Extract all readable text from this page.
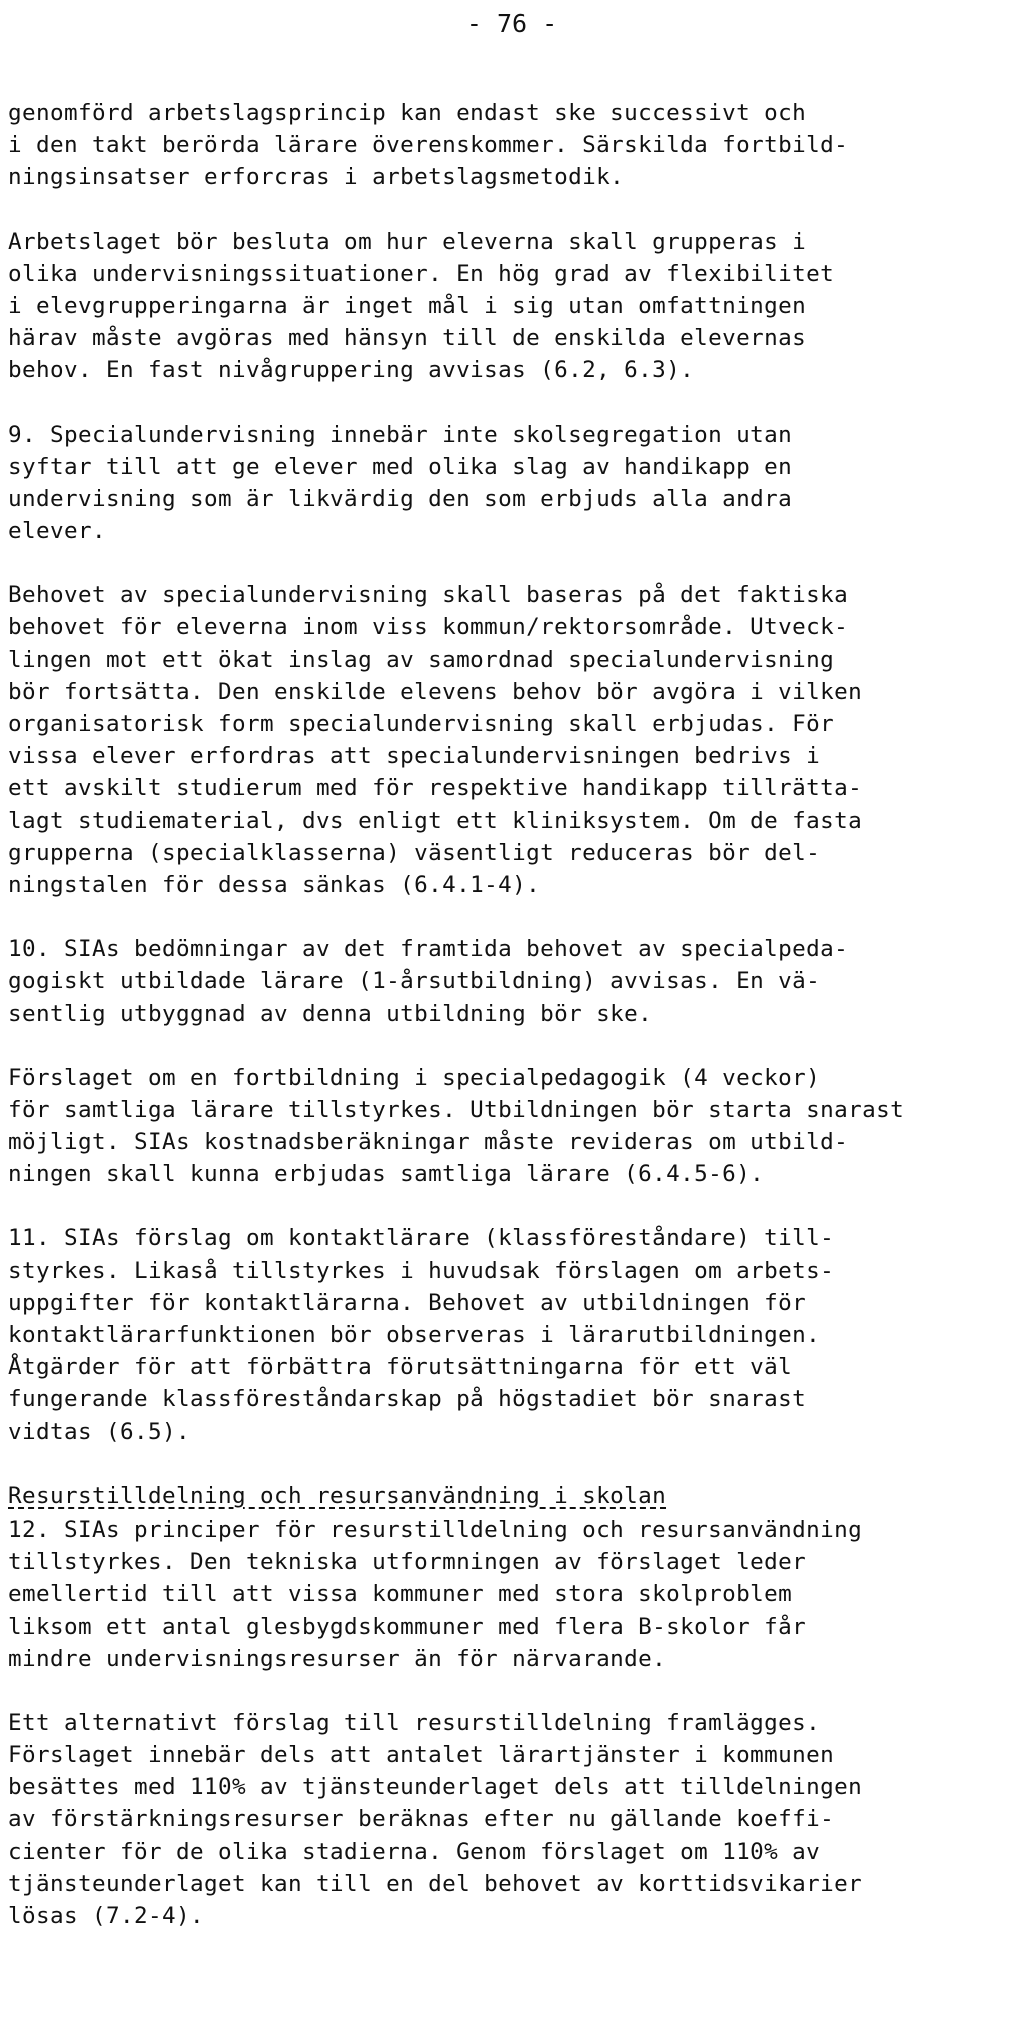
- 76 -
genomförd arbetslagsprincip kan endast ske successivt och
i den takt berörda lärare överenskommer. Särskilda fortbild-
ningsinsatser erforcras i arbetslagsmetodik.
Arbetslaget bör besluta om hur eleverna skall grupperas i
olika undervisningssituationer. En hög grad av flexibilitet
i elevgrupperingarna är inget mål i sig utan omfattningen
härav måste avgöras med hänsyn till de enskilda elevernas
behov. En fast nivågruppering avvisas (6.2, 6.3).
9. Specialundervisning innebär inte skolsegregation utan
syftar till att ge elever med olika slag av handikapp en
undervisning som är likvärdig den som erbjuds alla andra
elever.
Behovet av specialundervisning skall baseras på det faktiska
behovet för eleverna inom viss kommun/rektorsområde. Utveck-
lingen mot ett ökat inslag av samordnad specialundervisning
bör fortsätta. Den enskilde elevens behov bör avgöra i vilken
organisatorisk form specialundervisning skall erbjudas. För
vissa elever erfordras att specialundervisningen bedrivs i
ett avskilt studierum med för respektive handikapp tillrätta-
lagt studiematerial, dvs enligt ett kliniksystem. Om de fasta
grupperna (specialklasserna) väsentligt reduceras bör del-
ningstalen för dessa sänkas (6.4.1-4).
10. SIAs bedömningar av det framtida behovet av specialpeda-
gogiskt utbildade lärare (1-årsutbildning) avvisas. En vä-
sentlig utbyggnad av denna utbildning bör ske.
Förslaget om en fortbildning i specialpedagogik (4 veckor)
för samtliga lärare tillstyrkes. Utbildningen bör starta snarast
möjligt. SIAs kostnadsberäkningar måste revideras om utbild-
ningen skall kunna erbjudas samtliga lärare (6.4.5-6).
11. SIAs förslag om kontaktlärare (klassföreståndare) till-
styrkes. Likaså tillstyrkes i huvudsak förslagen om arbets-
uppgifter för kontaktlärarna. Behovet av utbildningen för
kontaktlärarfunktionen bör observeras i lärarutbildningen.
Åtgärder för att förbättra förutsättningarna för ett väl
fungerande klassföreståndarskap på högstadiet bör snarast
vidtas (6.5).
Resurstilldelning och resursanvändning i skolan
12. SIAs principer för resurstilldelning och resursanvändning
tillstyrkes. Den tekniska utformningen av förslaget leder
emellertid till att vissa kommuner med stora skolproblem
liksom ett antal glesbygdskommuner med flera B-skolor får
mindre undervisningsresurser än för närvarande.
Ett alternativt förslag till resurstilldelning framlägges.
Förslaget innebär dels att antalet lärartjänster i kommunen
besättes med 110% av tjänsteunderlaget dels att tilldelningen
av förstärkningsresurser beräknas efter nu gällande koeffi-
cienter för de olika stadierna. Genom förslaget om 110% av
tjänsteunderlaget kan till en del behovet av korttidsvikarier
lösas (7.2-4).
